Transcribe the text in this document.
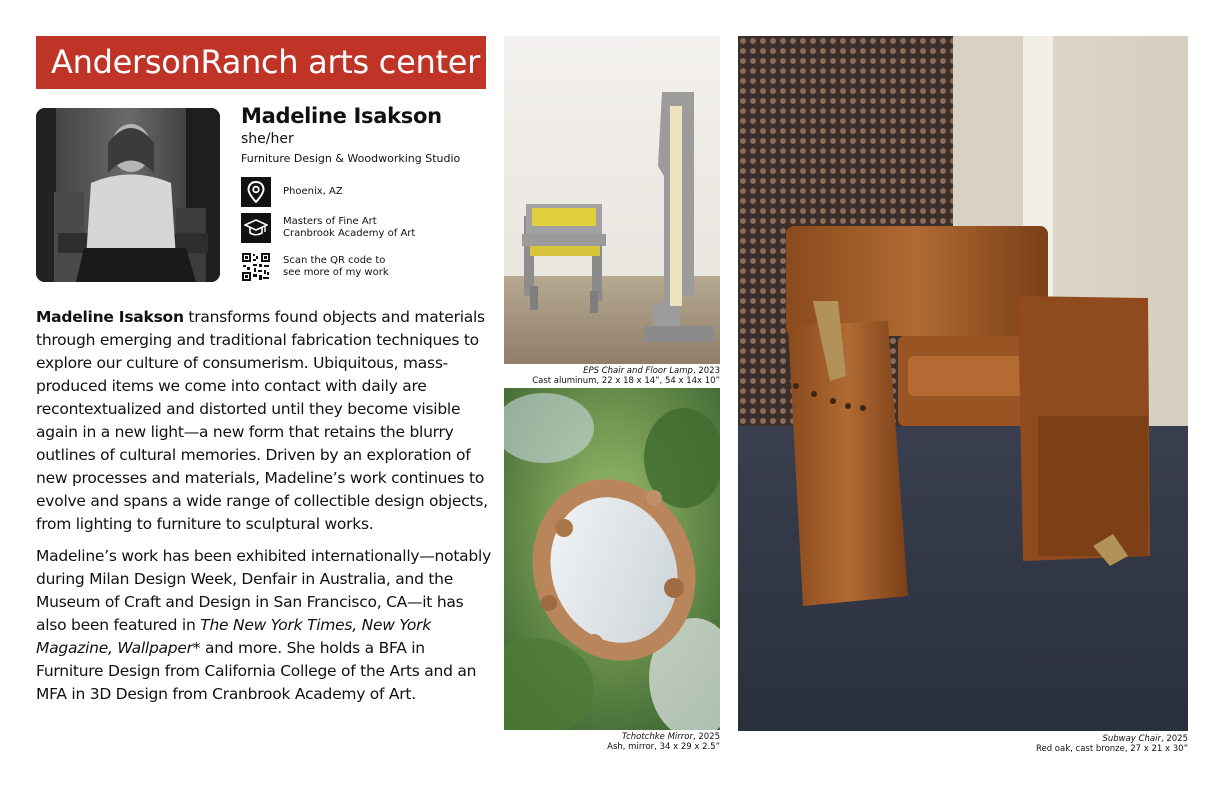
AndersonRanch arts center
Madeline Isakson
she/her
Furniture Design & Woodworking Studio
Phoenix, AZ
Masters of Fine Art
Cranbrook Academy of Art
Scan the QR code to
see more of my work

Madeline Isakson transforms found objects and materials through emerging and traditional fabrication techniques to explore our culture of consumerism. Ubiquitous, mass-produced items we come into contact with daily are recontextualized and distorted until they become visible again in a new light—a new form that retains the blurry outlines of cultural memories. Driven by an exploration of new processes and materials, Madeline’s work continues to evolve and spans a wide range of collectible design objects, from lighting to furniture to sculptural works.

Madeline’s work has been exhibited internationally—notably during Milan Design Week, Denfair in Australia, and the Museum of Craft and Design in San Francisco, CA—it has also been featured in The New York Times, New York Magazine, Wallpaper* and more. She holds a BFA in Furniture Design from California College of the Arts and an MFA in 3D Design from Cranbrook Academy of Art.

EPS Chair and Floor Lamp, 2023
Cast aluminum, 22 x 18 x 14”, 54 x 14x 10”
Tchotchke Mirror, 2025
Ash, mirror, 34 x 29 x 2.5”
Subway Chair, 2025
Red oak, cast bronze, 27 x 21 x 30”
